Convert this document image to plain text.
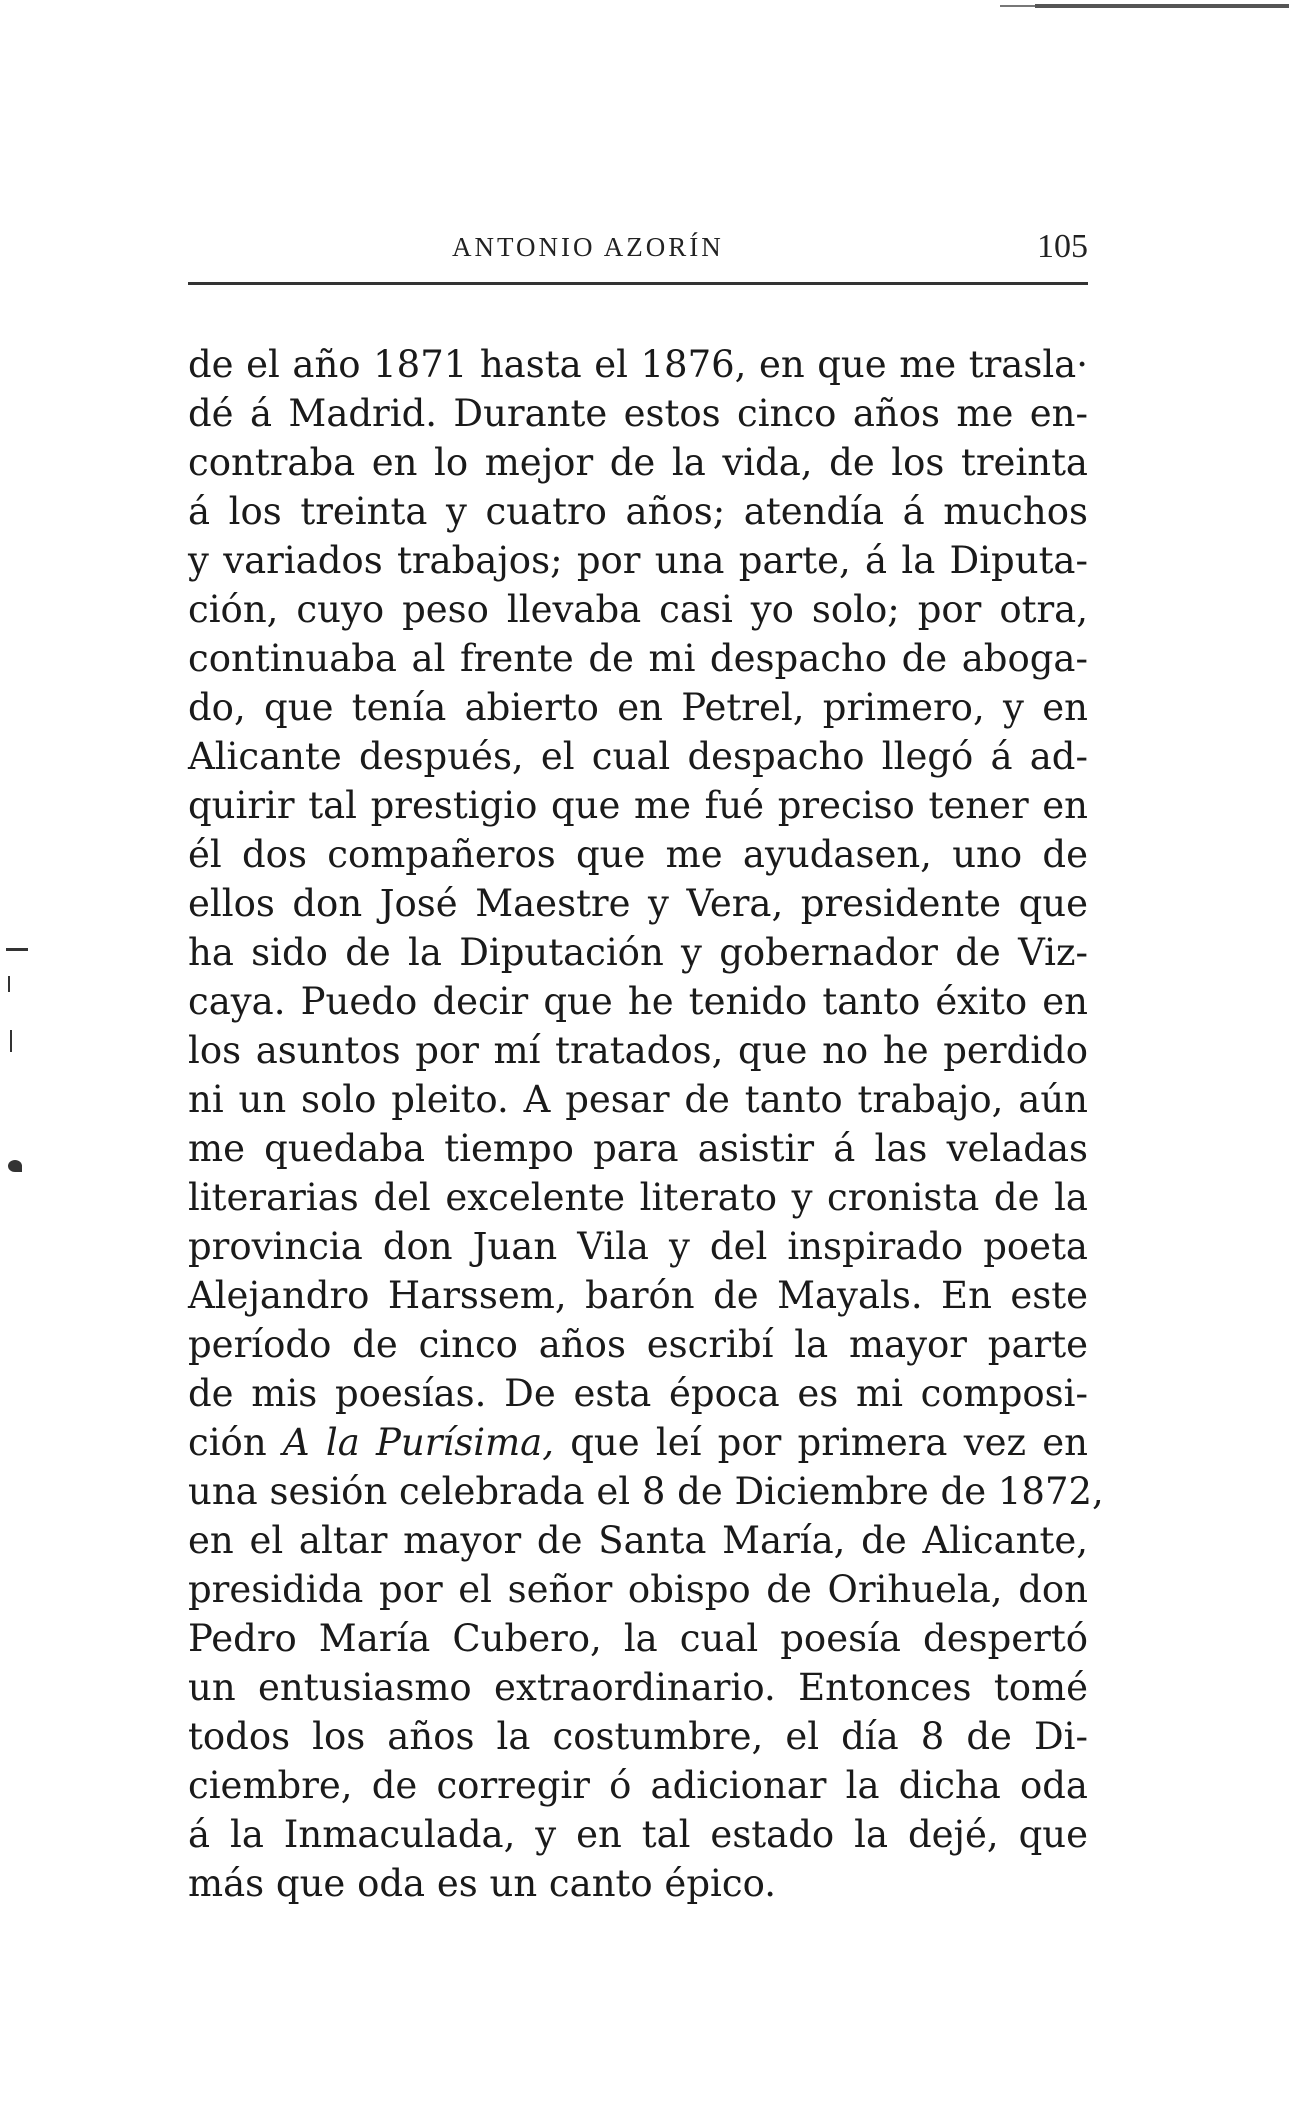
ANTONIO AZORÍN	105
de el año 1871 hasta el 1876, en que me trasla·
dé á Madrid. Durante estos cinco años me en-
contraba en lo mejor de la vida, de los treinta
á los treinta y cuatro años; atendía á muchos
y variados trabajos; por una parte, á la Diputa-
ción, cuyo peso llevaba casi yo solo; por otra,
continuaba al frente de mi despacho de aboga-
do, que tenía abierto en Petrel, primero, y en
Alicante después, el cual despacho llegó á ad-
quirir tal prestigio que me fué preciso tener en
él dos compañeros que me ayudasen, uno de
ellos don José Maestre y Vera, presidente que
ha sido de la Diputación y gobernador de Viz-
caya. Puedo decir que he tenido tanto éxito en
los asuntos por mí tratados, que no he perdido
ni un solo pleito. A pesar de tanto trabajo, aún
me quedaba tiempo para asistir á las veladas
literarias del excelente literato y cronista de la
provincia don Juan Vila y del inspirado poeta
Alejandro Harssem, barón de Mayals. En este
período de cinco años escribí la mayor parte
de mis poesías. De esta época es mi composi-
ción A la Purísima, que leí por primera vez en
una sesión celebrada el 8 de Diciembre de 1872,
en el altar mayor de Santa María, de Alicante,
presidida por el señor obispo de Orihuela, don
Pedro María Cubero, la cual poesía despertó
un entusiasmo extraordinario. Entonces tomé
todos los años la costumbre, el día 8 de Di-
ciembre, de corregir ó adicionar la dicha oda
á la Inmaculada, y en tal estado la dejé, que
más que oda es un canto épico.
